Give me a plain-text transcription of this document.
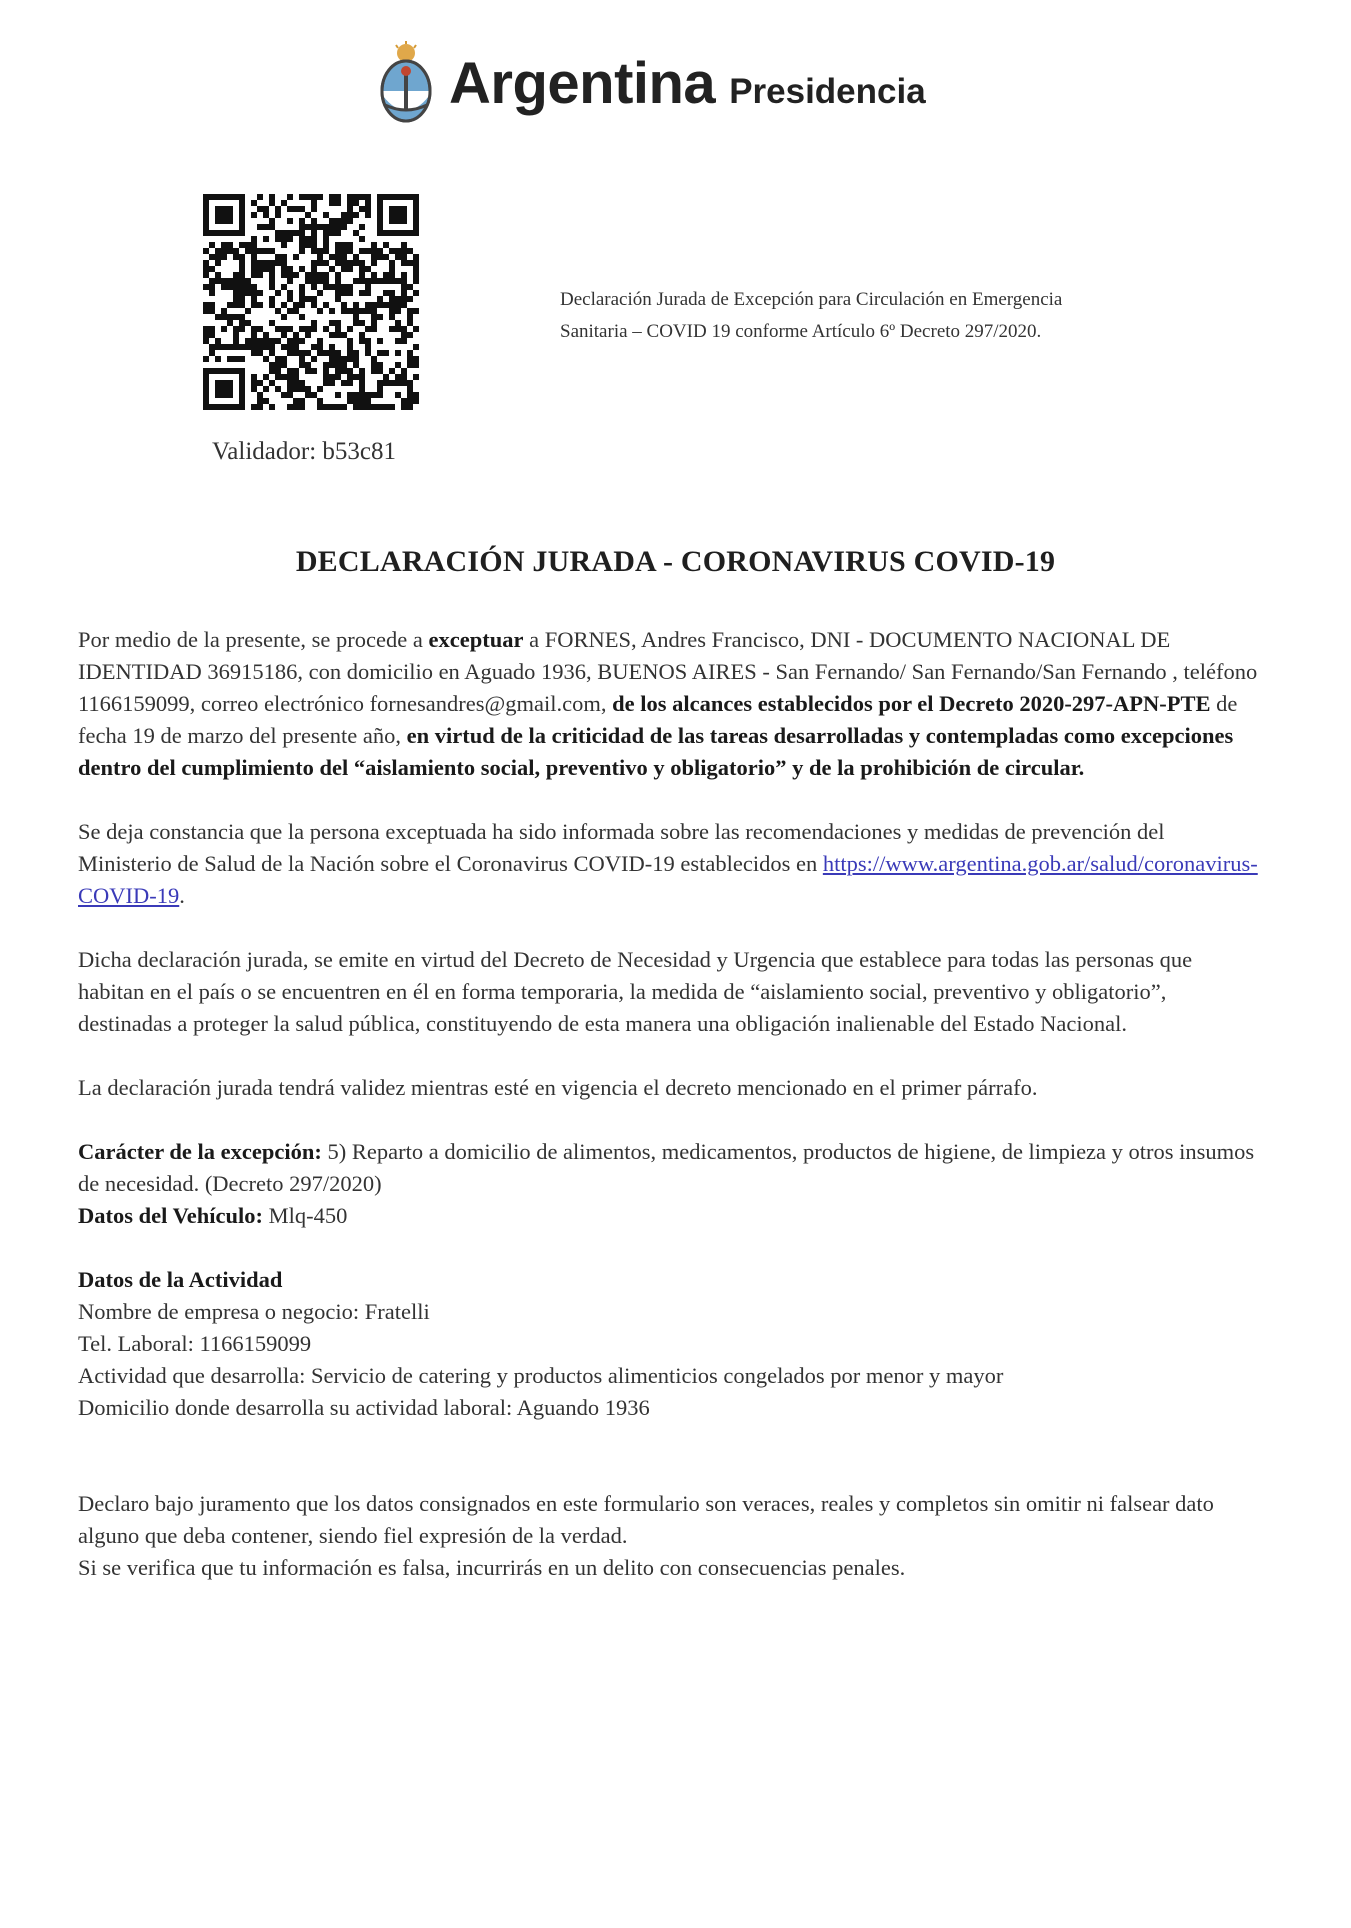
Argentina Presidencia
Validador: b53c81
Declaración Jurada de Excepción para Circulación en Emergencia
Sanitaria – COVID 19 conforme Artículo 6º Decreto 297/2020.
DECLARACIÓN JURADA - CORONAVIRUS COVID-19

Por medio de la presente, se procede a exceptuar a FORNES, Andres Francisco, DNI - DOCUMENTO NACIONAL DE IDENTIDAD 36915186, con domicilio en Aguado 1936, BUENOS AIRES - San Fernando/ San Fernando/San Fernando , teléfono 1166159099, correo electrónico fornesandres@gmail.com, de los alcances establecidos por el Decreto 2020-297-APN-PTE de fecha 19 de marzo del presente año, en virtud de la criticidad de las tareas desarrolladas y contempladas como excepciones dentro del cumplimiento del “aislamiento social, preventivo y obligatorio” y de la prohibición de circular.

Se deja constancia que la persona exceptuada ha sido informada sobre las recomendaciones y medidas de prevención del Ministerio de Salud de la Nación sobre el Coronavirus COVID-19 establecidos en https://www.argentina.gob.ar/salud/coronavirus-COVID-19.

Dicha declaración jurada, se emite en virtud del Decreto de Necesidad y Urgencia que establece para todas las personas que habitan en el país o se encuentren en él en forma temporaria, la medida de “aislamiento social, preventivo y obligatorio”, destinadas a proteger la salud pública, constituyendo de esta manera una obligación inalienable del Estado Nacional.

La declaración jurada tendrá validez mientras esté en vigencia el decreto mencionado en el primer párrafo.

Carácter de la excepción: 5) Reparto a domicilio de alimentos, medicamentos, productos de higiene, de limpieza y otros insumos de necesidad. (Decreto 297/2020)

Datos del Vehículo: Mlq-450

Datos de la Actividad

Nombre de empresa o negocio: Fratelli

Tel. Laboral: 1166159099

Actividad que desarrolla: Servicio de catering y productos alimenticios congelados por menor y mayor

Domicilio donde desarrolla su actividad laboral: Aguando 1936

Declaro bajo juramento que los datos consignados en este formulario son veraces, reales y completos sin omitir ni falsear dato alguno que deba contener, siendo fiel expresión de la verdad.

Si se verifica que tu información es falsa, incurrirás en un delito con consecuencias penales.
